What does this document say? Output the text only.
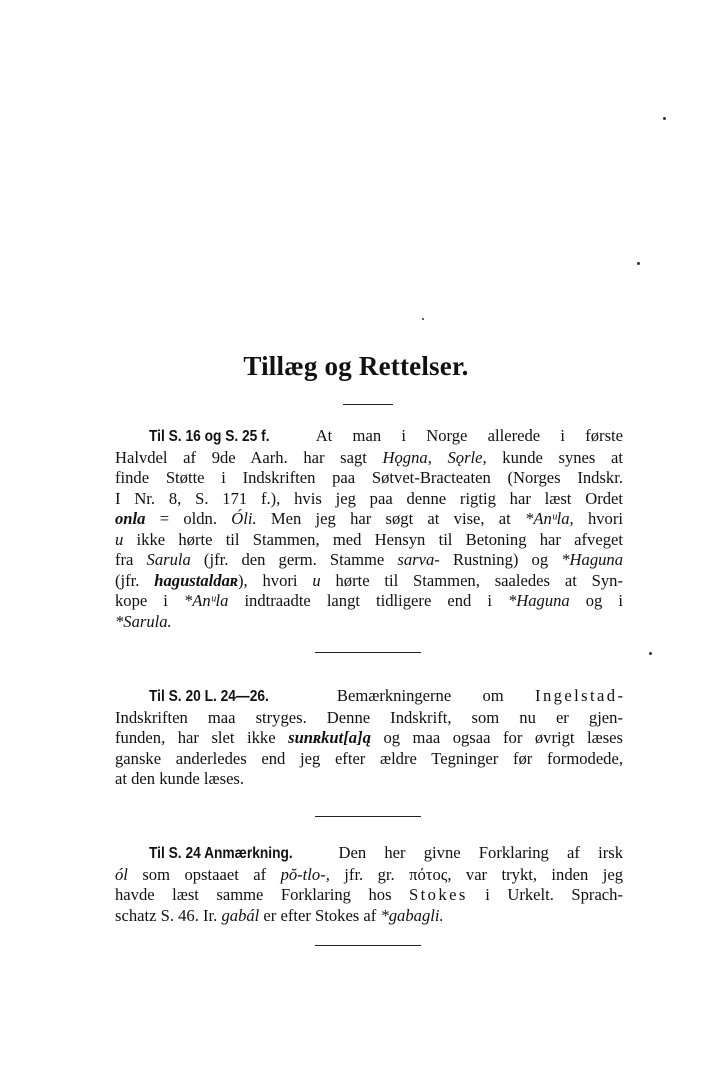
Tillæg og Rettelser.
Til S. 16 og S. 25 f.	At man i Norge allerede i første
Halvdel af 9de Aarh. har sagt Hǫgna, Sǫrle, kunde synes at
finde Støtte i Indskriften paa Søtvet-Bracteaten (Norges Indskr.
I Nr. 8, S. 171 f.), hvis jeg paa denne rigtig har læst Ordet
onla = oldn. Óli. Men jeg har søgt at vise, at *Anᵘla, hvori
u ikke hørte til Stammen, med Hensyn til Betoning har afveget
fra Sarula (jfr. den germ. Stamme sarva- Rustning) og *Haguna
(jfr. hagustaldaʀ), hvori u hørte til Stammen, saaledes at Syn-
kope i *Anᵘla indtraadte langt tidligere end i *Haguna og i
*Sarula.
Til S. 20 L. 24—26.  Bemærkningerne om Ingelstad-
Indskriften maa stryges. Denne Indskrift, som nu er gjen-
funden, har slet ikke sunʀkut[a]ą og maa ogsaa for øvrigt læses
ganske anderledes end jeg efter ældre Tegninger før formodede,
at den kunde læses.
Til S. 24 Anmærkning.	Den her givne Forklaring af irsk
ól som opstaaet af pŏ-tlo-, jfr. gr. πότος, var trykt, inden jeg
havde læst samme Forklaring hos Stokes i Urkelt. Sprach-
schatz S. 46. Ir. gabál er efter Stokes af *gabagli.
